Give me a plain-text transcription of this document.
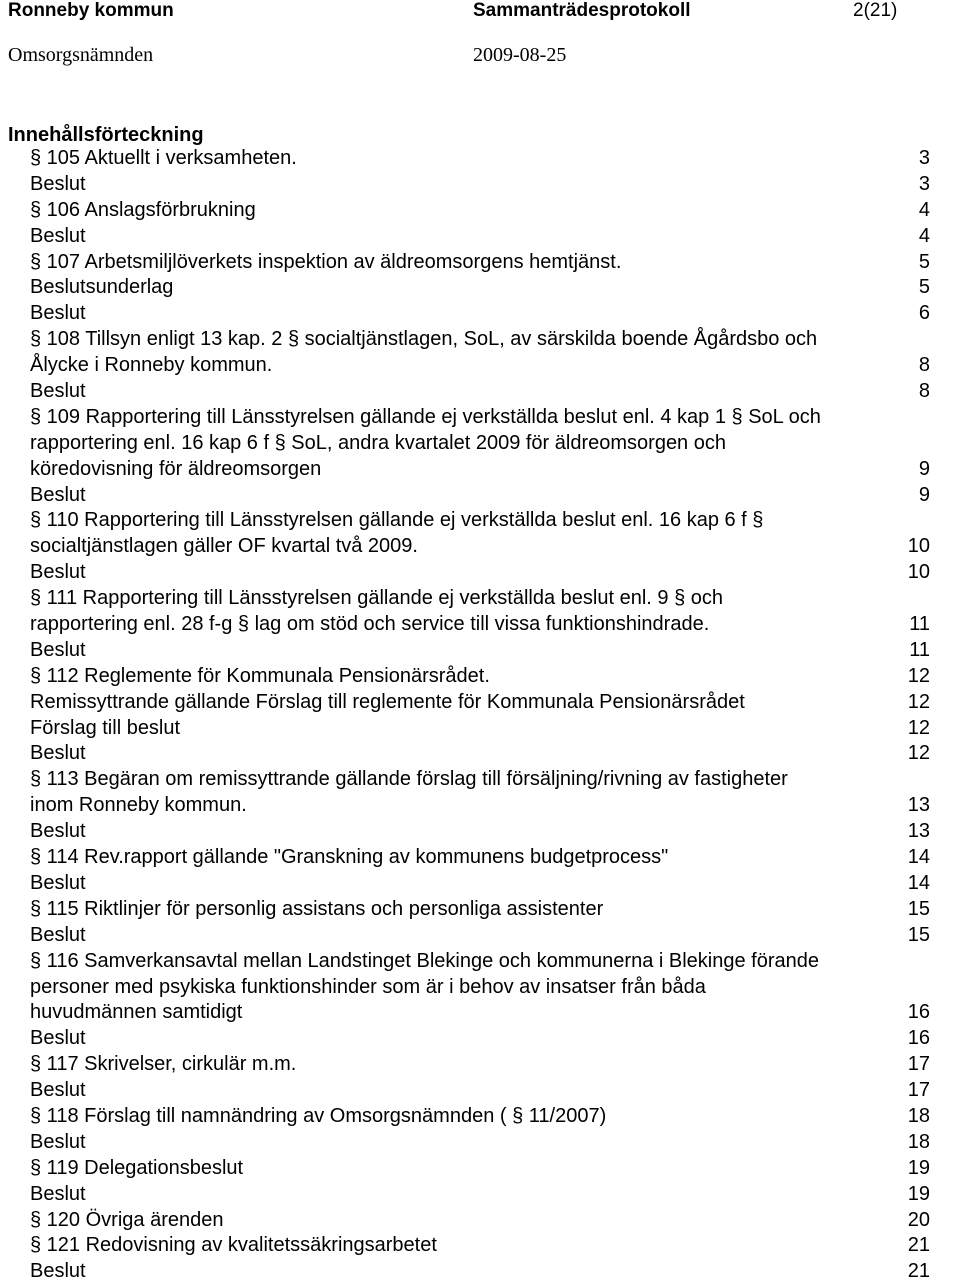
Ronneby kommun	Sammanträdesprotokoll	2(21)
Omsorgsnämnden	2009-08-25
Innehållsförteckning
§ 105 Aktuellt i verksamheten.	3
Beslut	3
§ 106 Anslagsförbrukning	4
Beslut	4
§ 107 Arbetsmiljlöverkets inspektion av äldreomsorgens hemtjänst.	5
Beslutsunderlag	5
Beslut	6
§ 108 Tillsyn enligt 13 kap. 2 § socialtjänstlagen, SoL, av särskilda boende Ågårdsbo och
Ålycke i Ronneby kommun.	8
Beslut	8
§ 109 Rapportering till Länsstyrelsen gällande ej verkställda beslut enl. 4 kap 1 § SoL och
rapportering enl. 16 kap 6 f § SoL, andra kvartalet 2009 för äldreomsorgen och
köredovisning för äldreomsorgen	9
Beslut	9
§ 110 Rapportering till Länsstyrelsen gällande ej verkställda beslut enl. 16 kap 6 f §
socialtjänstlagen gäller OF kvartal två 2009.	10
Beslut	10
§ 111 Rapportering till Länsstyrelsen gällande ej verkställda beslut enl. 9 § och
rapportering enl. 28 f-g § lag om stöd och service till vissa funktionshindrade.	11
Beslut	11
§ 112 Reglemente för Kommunala Pensionärsrådet.	12
Remissyttrande gällande Förslag till reglemente för Kommunala Pensionärsrådet	12
Förslag till beslut	12
Beslut	12
§ 113 Begäran om remissyttrande gällande förslag till försäljning/rivning av fastigheter
inom Ronneby kommun.	13
Beslut	13
§ 114 Rev.rapport gällande "Granskning av kommunens budgetprocess"	14
Beslut	14
§ 115 Riktlinjer för personlig assistans och personliga assistenter	15
Beslut	15
§ 116 Samverkansavtal mellan Landstinget Blekinge och kommunerna i Blekinge förande
personer med psykiska funktionshinder som är i behov av insatser från båda
huvudmännen samtidigt	16
Beslut	16
§ 117 Skrivelser, cirkulär m.m.	17
Beslut	17
§ 118 Förslag till namnändring av Omsorgsnämnden ( § 11/2007)	18
Beslut	18
§ 119 Delegationsbeslut	19
Beslut	19
§ 120 Övriga ärenden	20
§ 121 Redovisning av kvalitetssäkringsarbetet	21
Beslut	21
